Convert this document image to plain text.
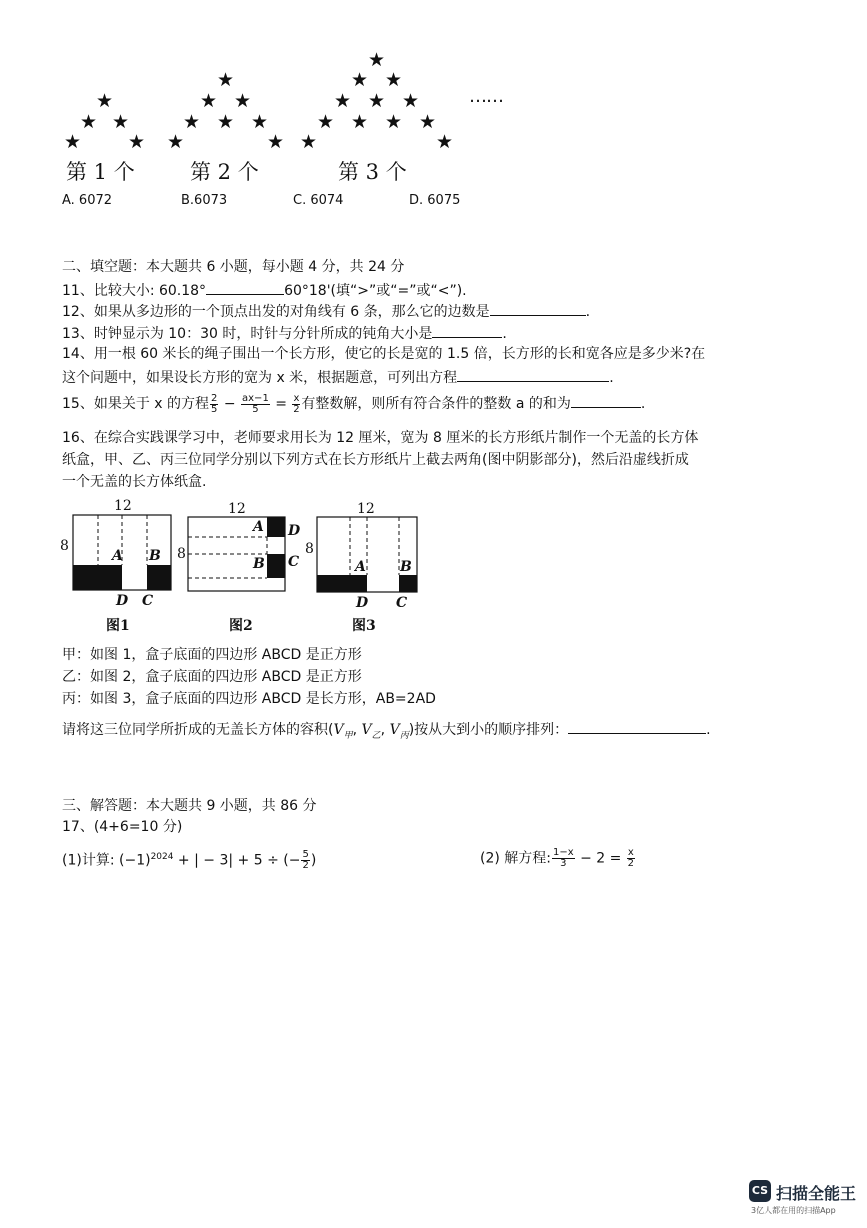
★
★ ★
★ ★
★
★ ★
★ ★ ★
★	★
★
★ ★
★ ★ ★
★ ★ ★ ★
★	★
……
第 1 个	第 2 个	第 3 个
A. 6072	B.6073	C. 6074	D. 6075
二、填空题：本大题共 6 小题，每小题 4 分，共 24 分
11、比较大小: 60.18°	60°18'(填“>”或“=”或“<”).
12、如果从多边形的一个顶点出发的对角线有 6 条，那么它的边数是	.
13、时钟显示为 10：30 时，时针与分针所成的钝角大小是	.
14、用一根 60 米长的绳子围出一个长方形，使它的长是宽的 1.5 倍，长方形的长和宽各应是多少米?在
这个问题中，如果设长方形的宽为 x 米，根据题意，可列出方程	.
15、如果关于 x 的方程 $\frac{2}{5} - \frac{ax-1}{5} = \frac{x}{2}$ 有整数解，则所有符合条件的整数 a 的和为	.
16、在综合实践课学习中，老师要求用长为 12 厘米，宽为 8 厘米的长方形纸片制作一个无盖的长方体
纸盒，甲、乙、丙三位同学分别以下列方式在长方形纸片上截去两角(图中阴影部分)，然后沿虚线折成
一个无盖的长方体纸盒.
12
8
A B
D C
图1
12
8
A
B
D
C
图2
12
8
A B
D C
图3
甲：如图 1，盒子底面的四边形 ABCD 是正方形
乙：如图 2，盒子底面的四边形 ABCD 是正方形
丙：如图 3，盒子底面的四边形 ABCD 是长方形，AB=2AD
请将这三位同学所折成的无盖长方体的容积($V_甲$, $V_乙$, $V_丙$)按从大到小的顺序排列：	.
三、解答题：本大题共 9 小题，共 86 分
17、(4+6=10 分)
(1)计算: $(-1)^{2024}$ + | − 3| + 5 ÷ (− $\frac{5}{2}$ )	(2) 解方程: $\frac{1-x}{3} - 2 = \frac{x}{2}$
CS 扫描全能王
3亿人都在用的扫描App
